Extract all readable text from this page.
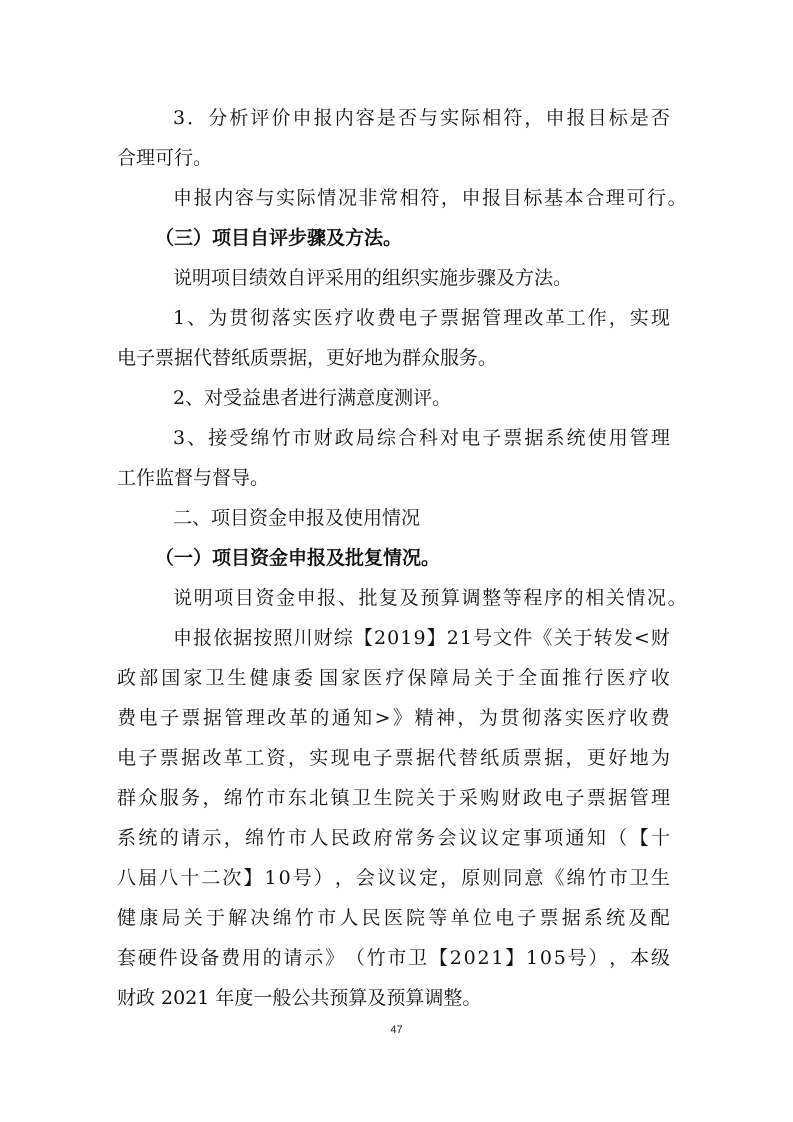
3 ． 分 析 评 价 申 报 内 容 是 否 与 实 际 相 符 ， 申 报 目 标 是 否
合理可行。
申 报 内 容 与 实 际 情 况 非 常 相 符 ， 申 报 目 标 基 本 合 理 可 行 。
（三）项目自评步骤及方法。
说明项目绩效自评采用的组织实施步骤及方法。
1 、 为 贯 彻 落 实 医 疗 收 费 电 子 票 据 管 理 改 革 工 作 ， 实 现
电子票据代替纸质票据，更好地为群众服务。
2、对受益患者进行满意度测评。
3 、 接 受 绵 竹 市 财 政 局 综 合 科 对 电 子 票 据 系 统 使 用 管 理
工作监督与督导。
二、项目资金申报及使用情况
（一）项目资金申报及批复情况。
说 明 项 目 资 金 申 报 、 批 复 及 预 算 调 整 等 程 序 的 相 关 情 况 。
申 报 依 据 按 照 川 财 综 【 2 0 1 9 】 2 1 号 文 件 《 关 于 转 发 < 财
政 部 国 家 卫 生 健 康 委 国 家 医 疗 保 障 局 关 于 全 面 推 行 医 疗 收
费 电 子 票 据 管 理 改 革 的 通 知 > 》 精 神 ， 为 贯 彻 落 实 医 疗 收 费
电 子 票 据 改 革 工 资 ， 实 现 电 子 票 据 代 替 纸 质 票 据 ， 更 好 地 为
群 众 服 务 ， 绵 竹 市 东 北 镇 卫 生 院 关 于 采 购 财 政 电 子 票 据 管 理
系 统 的 请 示 ， 绵 竹 市 人 民 政 府 常 务 会 议 议 定 事 项 通 知 （ 【 十
八 届 八 十 二 次 】 1 0 号 ） ， 会 议 议 定 ， 原 则 同 意 《 绵 竹 市 卫 生
健 康 局 关 于 解 决 绵 竹 市 人 民 医 院 等 单 位 电 子 票 据 系 统 及 配
套 硬 件 设 备 费 用 的 请 示 》 （ 竹 市 卫 【 2 0 2 1 】 1 0 5 号 ） ， 本 级
财政 2021 年度一般公共预算及预算调整。
47
